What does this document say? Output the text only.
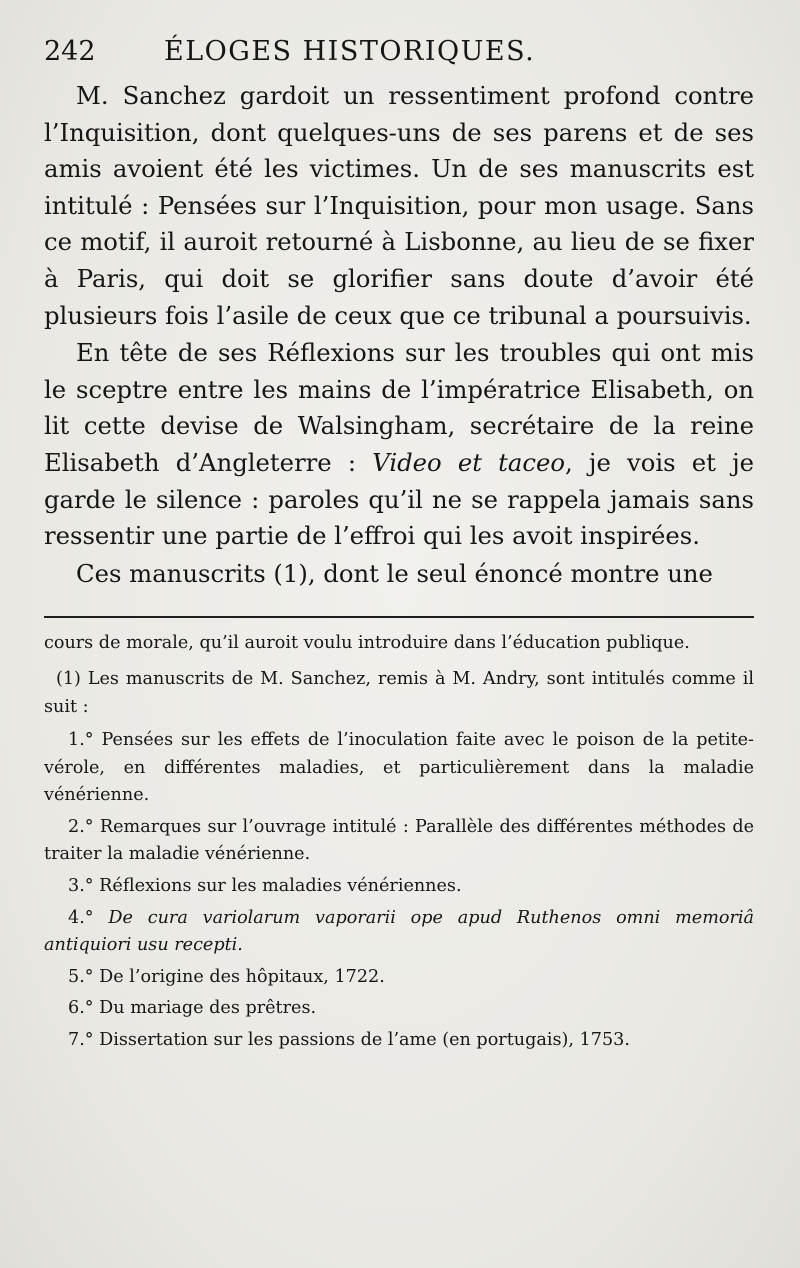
242	ÉLOGES HISTORIQUES.

M. Sanchez gardoit un ressentiment profond contre l’Inquisition, dont quelques-uns de ses parens et de ses amis avoient été les victimes. Un de ses manuscrits est intitulé : Pensées sur l’Inquisition, pour mon usage. Sans ce motif, il auroit retourné à Lisbonne, au lieu de se fixer à Paris, qui doit se glorifier sans doute d’avoir été plusieurs fois l’asile de ceux que ce tribunal a poursuivis.

En tête de ses Réflexions sur les troubles qui ont mis le sceptre entre les mains de l’impératrice Elisabeth, on lit cette devise de Walsingham, secrétaire de la reine Elisabeth d’Angleterre : Video et taceo, je vois et je garde le silence : paroles qu’il ne se rappela jamais sans ressentir une partie de l’effroi qui les avoit inspirées.

Ces manuscrits (1), dont le seul énoncé montre une

cours de morale, qu’il auroit voulu introduire dans l’éducation publique.

(1) Les manuscrits de M. Sanchez, remis à M. Andry, sont intitulés comme il suit :

1.° Pensées sur les effets de l’inoculation faite avec le poison de la petite-vérole, en différentes maladies, et particulièrement dans la maladie vénérienne.

2.° Remarques sur l’ouvrage intitulé : Parallèle des différentes méthodes de traiter la maladie vénérienne.

3.° Réflexions sur les maladies vénériennes.

4.° De cura variolarum vaporarii ope apud Ruthenos omni memoriâ antiquiori usu recepti.

5.° De l’origine des hôpitaux, 1722.

6.° Du mariage des prêtres.

7.° Dissertation sur les passions de l’ame (en portugais), 1753.
